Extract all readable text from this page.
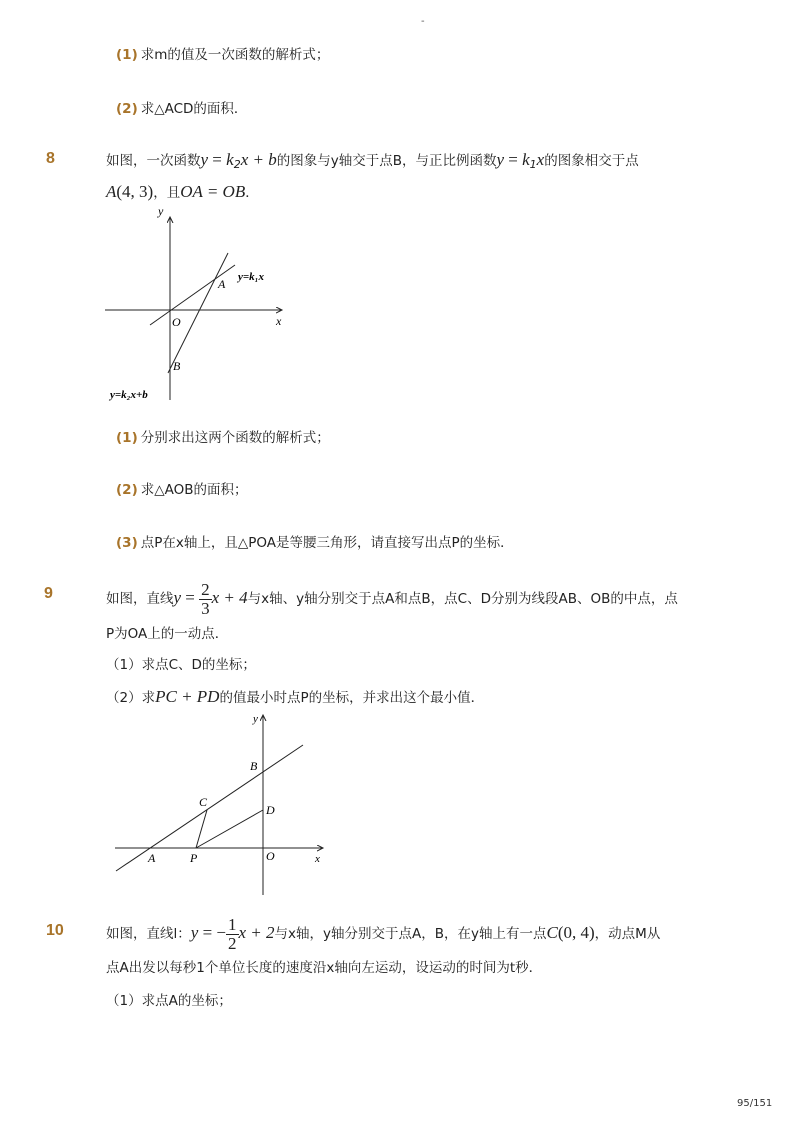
-
(1) 求m的值及一次函数的解析式；
(2) 求△ACD的面积．
8	如图，一次函数$y = k_2x + b$的图象与y轴交于点B，与正比例函数$y = k_1x$的图象相交于点
A(4, 3)，且OA = OB．
y
x
O
A
B
y=k₁x
y=k₂x+b
(1) 分别求出这两个函数的解析式；
(2) 求△AOB的面积；
(3) 点P在x轴上，且△POA是等腰三角形，请直接写出点P的坐标．
9	如图，直线$y = \frac{2}{3}$ x + 4与x轴、y轴分别交于点A和点B，点C、D分别为线段AB、OB的中点，点
P为OA上的一动点．
（1）求点C、D的坐标；
（2）求PC + PD的值最小时点P的坐标，并求出这个最小值．
y
x
O
A
B
C
D
P
10	如图，直线l：y = − $\frac{1}{2}$ x + 2与x轴，y轴分别交于点A，B，在y轴上有一点C(0, 4)，动点M从
点A出发以每秒1个单位长度的速度沿x轴向左运动，设运动的时间为t秒．
（1）求点A的坐标；
95/151
